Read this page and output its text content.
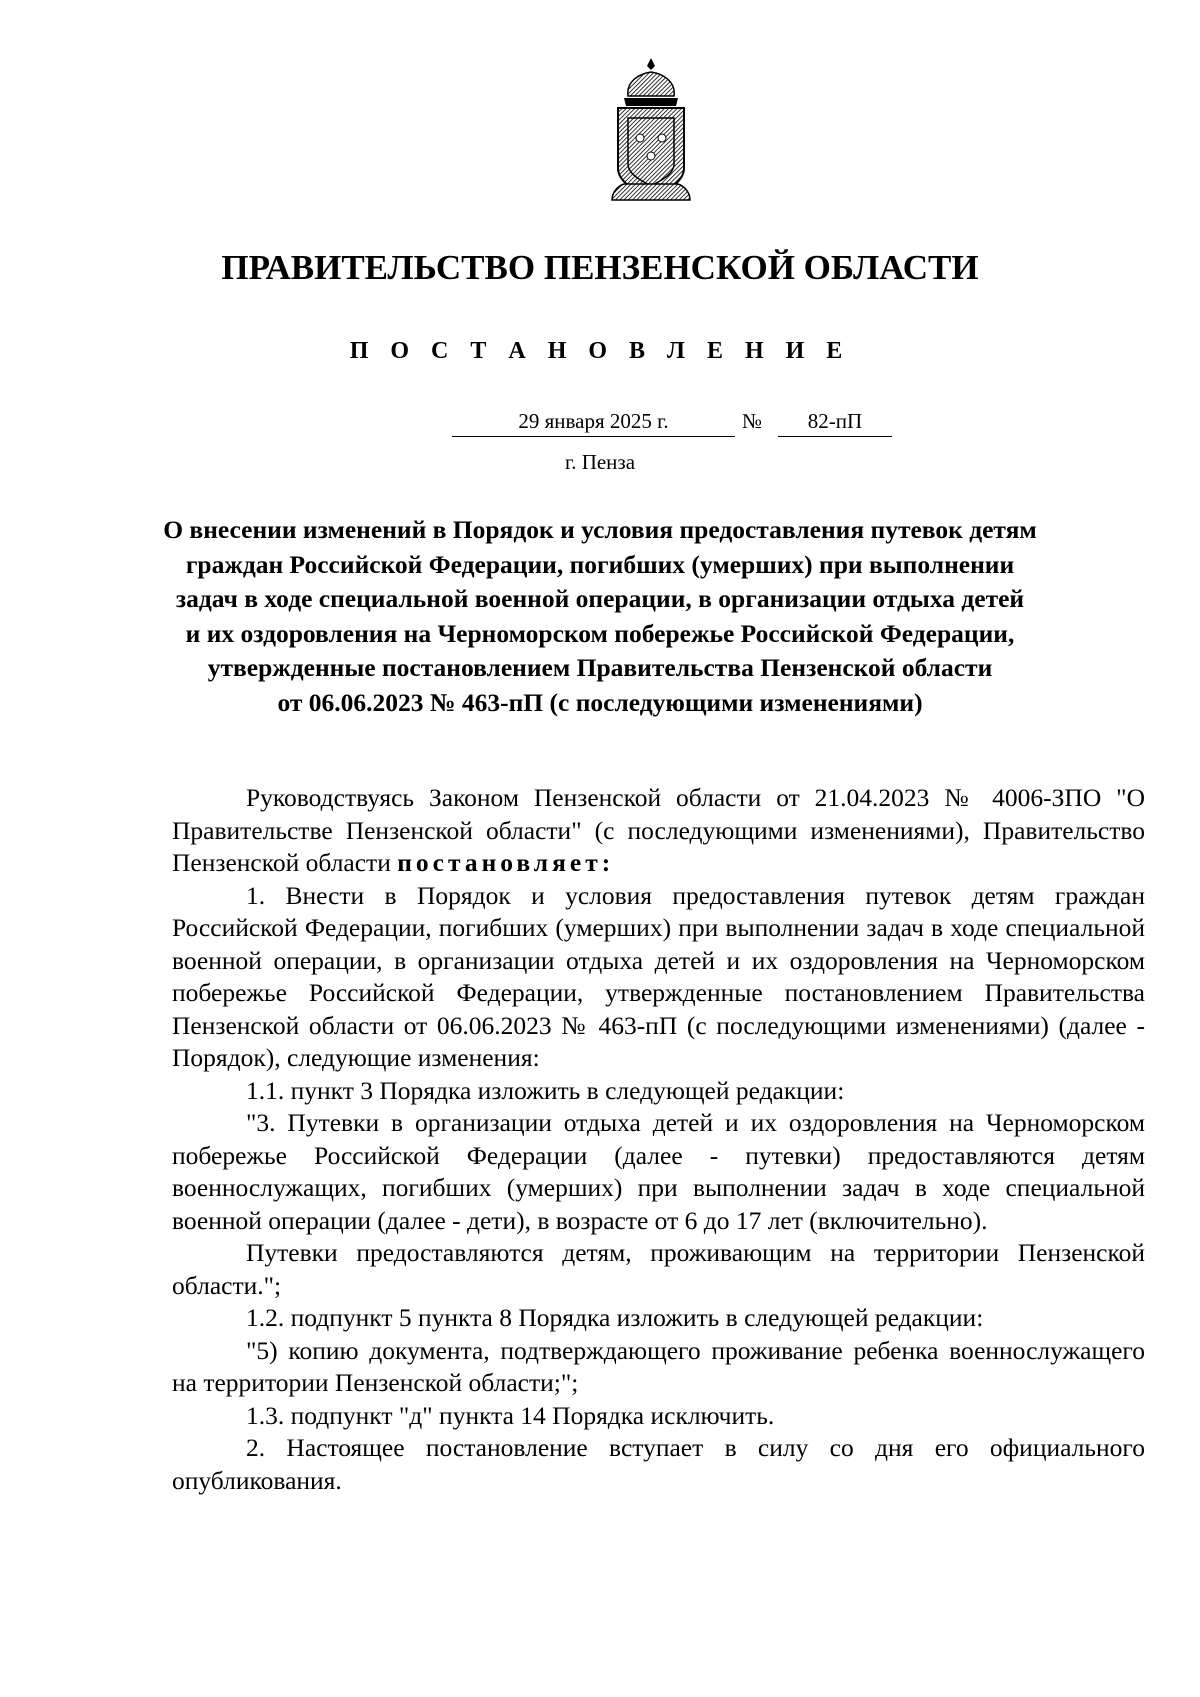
ПРАВИТЕЛЬСТВО ПЕНЗЕНСКОЙ ОБЛАСТИ
П О С Т А Н О В Л Е Н И Е
29 января 2025 г.	№	82-пП
г. Пенза
О внесении изменений в Порядок и условия предоставления путевок детям
граждан Российской Федерации, погибших (умерших) при выполнении
задач в ходе специальной военной операции, в организации отдыха детей
и их оздоровления на Черноморском побережье Российской Федерации,
утвержденные постановлением Правительства Пензенской области
от 06.06.2023 № 463-пП (с последующими изменениями)

Руководствуясь Законом Пензенской области от 21.04.2023 № 4006-ЗПО "О Правительстве Пензенской области" (с последующими изменениями), Правительство Пензенской области постановляет:

1. Внести в Порядок и условия предоставления путевок детям граждан Российской Федерации, погибших (умерших) при выполнении задач в ходе специальной военной операции, в организации отдыха детей и их оздоровления на Черноморском побережье Российской Федерации, утвержденные постановлением Правительства Пензенской области от 06.06.2023 № 463-пП (с последующими изменениями) (далее - Порядок), следующие изменения:

1.1. пункт 3 Порядка изложить в следующей редакции:

"3. Путевки в организации отдыха детей и их оздоровления на Черноморском побережье Российской Федерации (далее - путевки) предоставляются детям военнослужащих, погибших (умерших) при выполнении задач в ходе специальной военной операции (далее - дети), в возрасте от 6 до 17 лет (включительно).

Путевки предоставляются детям, проживающим на территории Пензенской области.";

1.2. подпункт 5 пункта 8 Порядка изложить в следующей редакции:

"5) копию документа, подтверждающего проживание ребенка военнослужащего на территории Пензенской области;";

1.3. подпункт "д" пункта 14 Порядка исключить.

2. Настоящее постановление вступает в силу со дня его официального опубликования.
